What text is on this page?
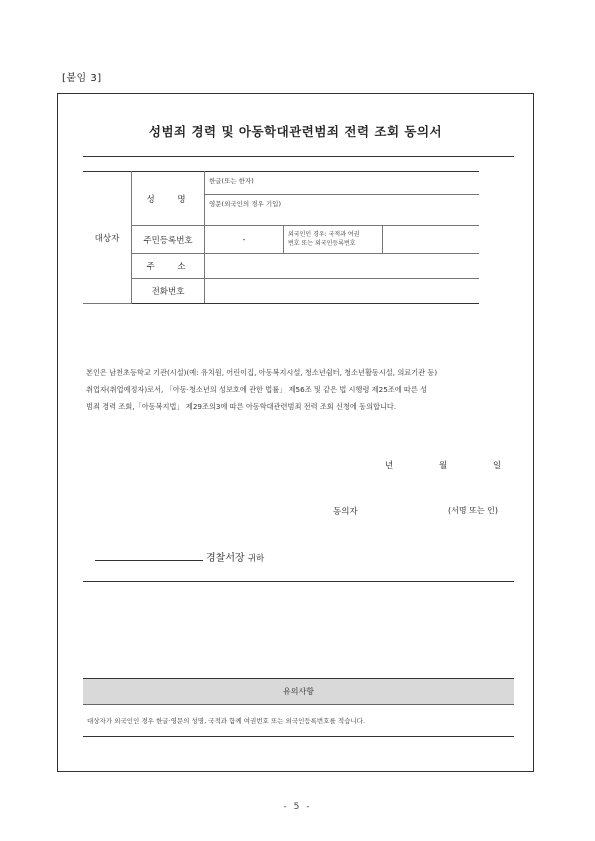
[붙임 3]
성범죄 경력 및 아동학대관련범죄 전력 조회 동의서
대상자	성 명	한글(또는 한자)		
		영문(외국인의 경우 기입)		
	주민등록번호	-	외국인인 경우: 국적과 여권
번호 또는 외국인등록번호	

	주 소			
	전화번호			

본인은 남천초등학교 기관(시설)(예: 유치원, 어린이집, 아동복지시설, 청소년쉼터, 청소년활동시설, 의료기관 등)

취업자(취업예정자)로서, 「아동·청소년의 성보호에 관한 법률」 제56조 및 같은 법 시행령 제25조에 따른 성

범죄 경력 조회,「아동복지법」 제29조의3에 따른 아동학대관련범죄 전력 조회 신청에 동의합니다.

년	월	일
동의자	(서명 또는 인)
경찰서장 귀하
유의사항
대상자가 외국인인 경우 한글·영문의 성명, 국적과 함께 여권번호 또는 외국인등록번호를 적습니다.
- 5 -
